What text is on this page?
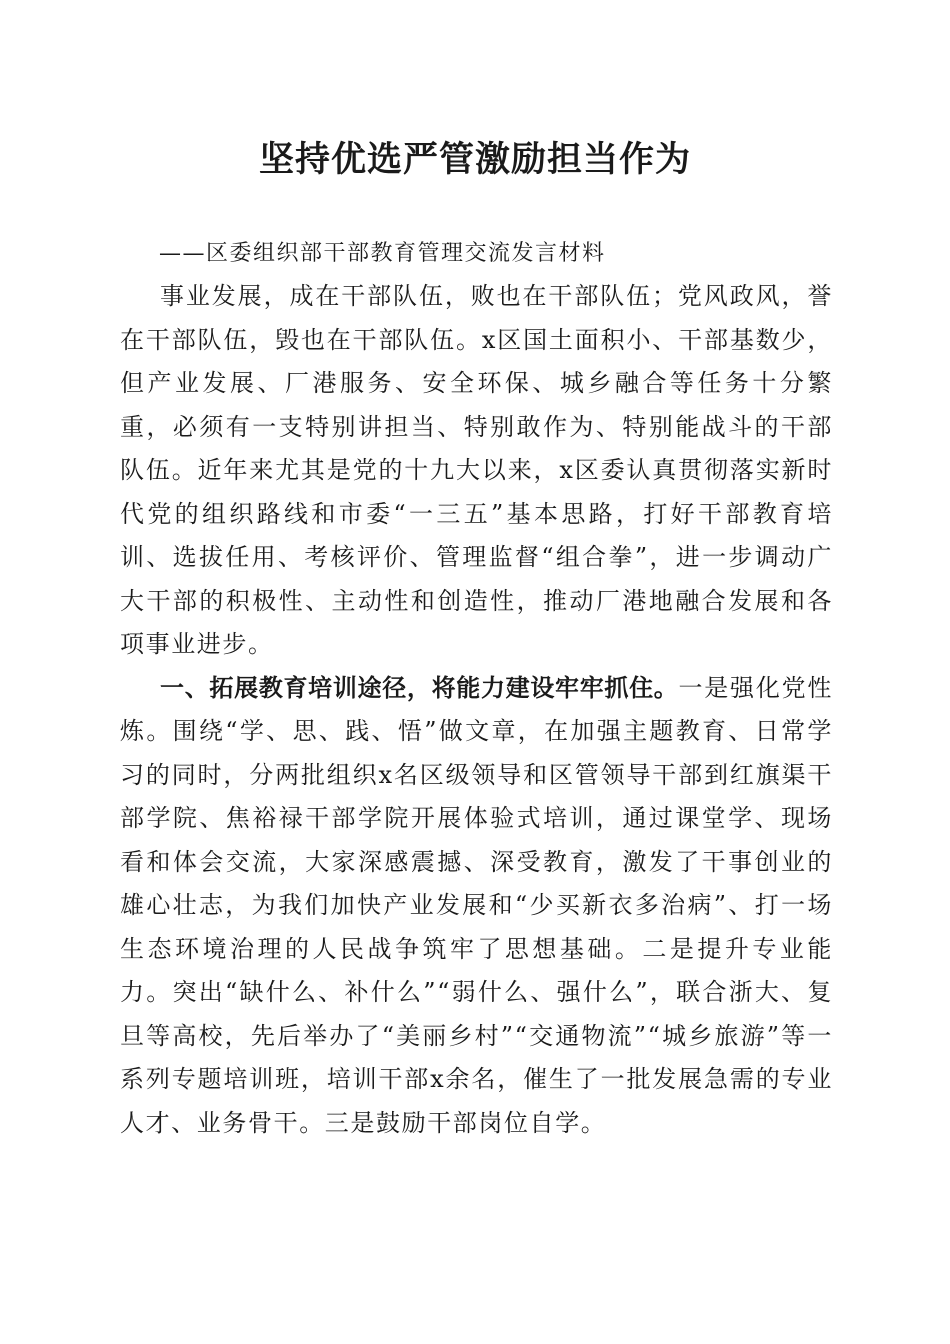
坚持优选严管激励担当作为

——区委组织部干部教育管理交流发言材料

事业发展，成在干部队伍，败也在干部队伍；党风政风，誉在干部队伍，毁也在干部队伍。x区国土面积小、干部基数少，但产业发展、厂港服务、安全环保、城乡融合等任务十分繁重，必须有一支特别讲担当、特别敢作为、特别能战斗的干部队伍。近年来尤其是党的十九大以来，x区委认真贯彻落实新时代党的组织路线和市委“一三五”基本思路，打好干部教育培训、选拔任用、考核评价、管理监督“组合拳”，进一步调动广大干部的积极性、主动性和创造性，推动厂港地融合发展和各项事业进步。

一、拓展教育培训途径，将能力建设牢牢抓住。一是强化党性炼。围绕“学、思、践、悟”做文章，在加强主题教育、日常学习的同时，分两批组织x名区级领导和区管领导干部到红旗渠干部学院、焦裕禄干部学院开展体验式培训，通过课堂学、现场看和体会交流，大家深感震撼、深受教育，激发了干事创业的雄心壮志，为我们加快产业发展和“少买新衣多治病”、打一场生态环境治理的人民战争筑牢了思想基础。二是提升专业能力。突出“缺什么、补什么”“弱什么、强什么”，联合浙大、复旦等高校，先后举办了“美丽乡村”“交通物流”“城乡旅游”等一系列专题培训班，培训干部x余名，催生了一批发展急需的专业人才、业务骨干。三是鼓励干部岗位自学。
